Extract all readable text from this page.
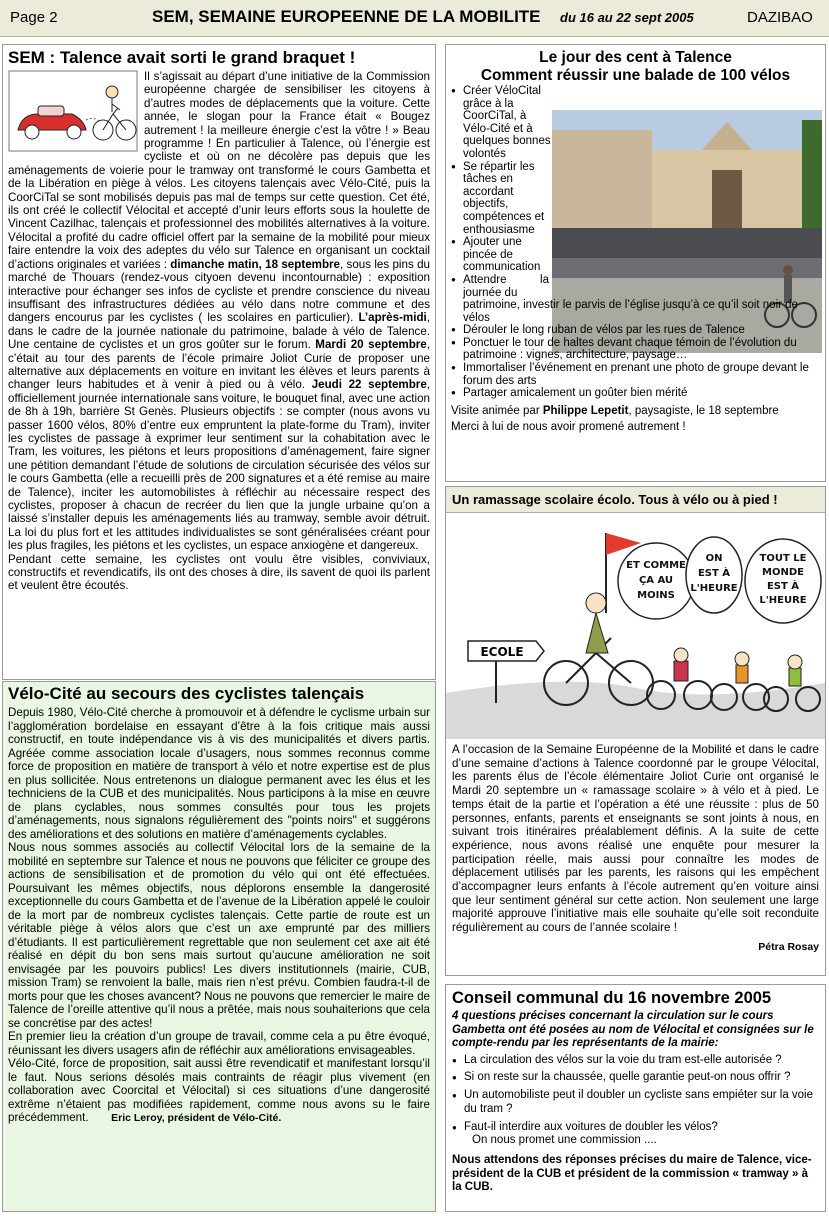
Page 2	SEM, SEMAINE EUROPEENNE DE LA MOBILITE du 16 au 22 sept 2005	DAZIBAO
SEM : Talence avait sorti le grand braquet !
Il s’agissait au départ d’une initiative de la Commission européenne chargée de sensibiliser les citoyens à d’autres modes de déplacements que la voiture. Cette année, le slogan pour la France était « Bougez autrement ! la meilleure énergie c’est la vôtre ! » Beau programme ! En particulier à Talence, où l’énergie est cycliste et où on ne décolère pas depuis que les aménagements de voierie pour le tramway ont transformé le cours Gambetta et de la Libération en piège à vélos. Les citoyens talençais avec Vélo-Cité, puis la CoorCiTal se sont mobilisés depuis pas mal de temps sur cette question. Cet été, ils ont créé le collectif Vélocital et accepté d’unir leurs efforts sous la houlette de Vincent Cazilhac, talençais et professionnel des mobilités alternatives à la voiture. Vélocital a profité du cadre officiel offert par la semaine de la mobilité pour mieux faire entendre la voix des adeptes du vélo sur Talence en organisant un cocktail d’actions originales et variées : dimanche matin, 18 septembre, sous les pins du marché de Thouars (rendez-vous cityoen devenu incontournable) : exposition interactive pour échanger ses infos de cycliste et prendre conscience du niveau insuffisant des infrastructures dédiées au vélo dans notre commune et des dangers encourus par les cyclistes ( les scolaires en particulier). L’après-midi, dans le cadre de la journée nationale du patrimoine, balade à vélo de Talence. Une centaine de cyclistes et un gros goûter sur le forum. Mardi 20 septembre, c’était au tour des parents de l’école primaire Joliot Curie de proposer une alternative aux déplacements en voiture en invitant les élèves et leurs parents à changer leurs habitudes et à venir à pied ou à vélo. Jeudi 22 septembre, officiellement journée internationale sans voiture, le bouquet final, avec une action de 8h à 19h, barrière St Genès. Plusieurs objectifs : se compter (nous avons vu passer 1600 vélos, 80% d’entre eux empruntent la plate-forme du Tram), inviter les cyclistes de passage à exprimer leur sentiment sur la cohabitation avec le Tram, les voitures, les piétons et leurs propositions d’aménagement, faire signer une pétition demandant l’étude de solutions de circulation sécurisée des vélos sur le cours Gambetta (elle a recueilli près de 200 signatures et a été remise au maire de Talence), inciter les automobilistes à réfléchir au nécessaire respect des cyclistes, proposer à chacun de recréer du lien que la jungle urbaine qu’on a laissé s’installer depuis les aménagements liés au tramway, semble avoir détruit. La loi du plus fort et les attitudes individualistes se sont généralisées créant pour les plus fragiles, les piétons et les cyclistes, un espace anxiogène et dangereux.

Pendant cette semaine, les cyclistes ont voulu être visibles, conviviaux, constructifs et revendicatifs, ils ont des choses à dire, ils savent de quoi ils parlent et veulent être écoutés.

Vélo-Cité au secours des cyclistes talençais

Depuis 1980, Vélo-Cité cherche à promouvoir et à défendre le cyclisme urbain sur l’agglomération bordelaise en essayant d’être à la fois critique mais aussi constructif, en toute indépendance vis à vis des municipalités et divers partis. Agréée comme association locale d’usagers, nous sommes reconnus comme force de proposition en matière de transport à vélo et notre expertise est de plus en plus sollicitée. Nous entretenons un dialogue permanent avec les élus et les techniciens de la CUB et des municipalités. Nous participons à la mise en œuvre de plans cyclables, nous sommes consultés pour tous les projets d’aménagements, nous signalons régulièrement des "points noirs" et suggérons des améliorations et des solutions en matière d’aménagements cyclables.

Nous nous sommes associés au collectif Vélocital lors de la semaine de la mobilité en septembre sur Talence et nous ne pouvons que féliciter ce groupe des actions de sensibilisation et de promotion du vélo qui ont été effectuées. Poursuivant les mêmes objectifs, nous déplorons ensemble la dangerosité exceptionnelle du cours Gambetta et de l’avenue de la Libération appelé le couloir de la mort par de nombreux cyclistes talençais. Cette partie de route est un véritable piège à vélos alors que c’est un axe emprunté par des milliers d’étudiants. Il est particulièrement regrettable que non seulement cet axe ait été réalisé en dépit du bon sens mais surtout qu’aucune amélioration ne soit envisagée par les pouvoirs publics! Les divers institutionnels (mairie, CUB, mission Tram) se renvoient la balle, mais rien n’est prévu. Combien faudra-t-il de morts pour que les choses avancent? Nous ne pouvons que remercier le maire de Talence de l’oreille attentive qu’il nous a prêtée, mais nous souhaiterions que cela se concrétise par des actes!

En premier lieu la création d’un groupe de travail, comme cela a pu être évoqué, réunissant les divers usagers afin de réfléchir aux améliorations envisageables.

Vélo-Cité, force de proposition, sait aussi être revendicatif et manifestant lorsqu’il le faut. Nous serions désolés mais contraints de réagir plus vivement (en collaboration avec Coorcital et Vélocital) si ces situations d’une dangerosité extrême n’étaient pas modifiées rapidement, comme nous avons su le faire précédemment. Eric Leroy, président de Vélo-Cité.

Le jour des cent à Talence
Comment réussir une balade de 100 vélos
● Créer VéloCital grâce à la CoorCiTal, à Vélo-Cité et à quelques bonnes volontés
● Se répartir les tâches en accordant objectifs, compétences et enthousiasme
● Ajouter une pincée de communication
● Attendre la journée du
patrimoine, investir le parvis de l’église jusqu’à ce qu’il soit noir de vélos
● Dérouler le long ruban de vélos par les rues de Talence
● Ponctuer le tour de haltes devant chaque témoin de l’évolution du patrimoine : vignes, architecture, paysage…
● Immortaliser l’événement en prenant une photo de groupe devant le forum des arts
● Partager amicalement un goûter bien mérité

Visite animée par Philippe Lepetit, paysagiste, le 18 septembre

Merci à lui de nous avoir promené autrement !

Un ramassage scolaire écolo. Tous à vélo ou à pied !
ET COMME
ÇA AU
MOINS
ON
EST À
L'HEURE
TOUT LE
MONDE
EST À
L'HEURE
ECOLE

A l’occasion de la Semaine Européenne de la Mobilité et dans le cadre d’une semaine d’actions à Talence coordonné par le groupe Vélocital, les parents élus de l’école élémentaire Joliot Curie ont organisé le Mardi 20 septembre un « ramassage scolaire » à vélo et à pied. Le temps était de la partie et l’opération a été une réussite : plus de 50 personnes, enfants, parents et enseignants se sont joints à nous, en suivant trois itinéraires préalablement définis. A la suite de cette expérience, nous avons réalisé une enquête pour mesurer la participation réelle, mais aussi pour connaître les modes de déplacement utilisés par les parents, les raisons qui les empêchent d’accompagner leurs enfants à l’école autrement qu’en voiture ainsi que leur sentiment général sur cette action. Non seulement une large majorité approuve l’initiative mais elle souhaite qu’elle soit reconduite régulièrement au cours de l’année scolaire !

Pétra Rosay
Conseil communal du 16 novembre 2005

4 questions précises concernant la circulation sur le cours Gambetta ont été posées au nom de Vélocital et consignées sur le compte-rendu par les représentants de la mairie:

● La circulation des vélos sur la voie du tram est-elle autorisée ?
● Si on reste sur la chaussée, quelle garantie peut-on nous offrir ?
● Un automobiliste peut il doubler un cycliste sans empiéter sur la voie du tram ?
● Faut-il interdire aux voitures de doubler les vélos?
On nous promet une commission ....

Nous attendons des réponses précises du maire de Talence, vice-président de la CUB et président de la commission « tramway » à la CUB.
